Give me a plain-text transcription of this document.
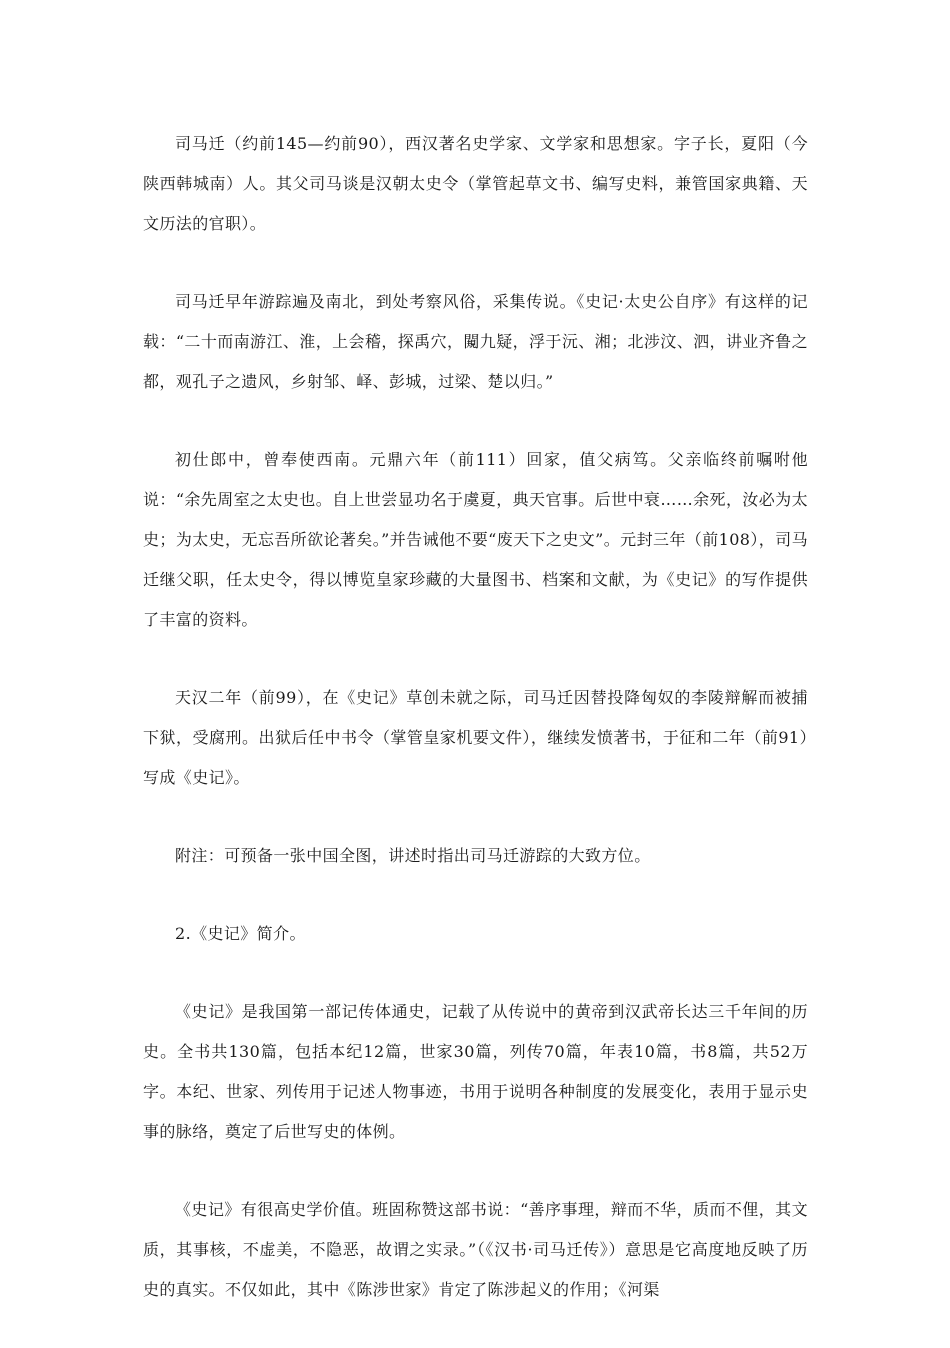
司马迁（约前145—约前90），西汉著名史学家、文学家和思想家。字子长，夏阳（今陕西韩城南）人。其父司马谈是汉朝太史令（掌管起草文书、编写史料，兼管国家典籍、天文历法的官职）。

司马迁早年游踪遍及南北，到处考察风俗，采集传说。《史记·太史公自序》有这样的记载：“二十而南游江、淮，上会稽，探禹穴，闚九疑，浮于沅、湘；北涉汶、泗，讲业齐鲁之都，观孔子之遗风，乡射邹、峄、彭城，过梁、楚以归。”

初仕郎中，曾奉使西南。元鼎六年（前111）回家，值父病笃。父亲临终前嘱咐他说：“余先周室之太史也。自上世尝显功名于虞夏，典天官事。后世中衰……余死，汝必为太史；为太史，无忘吾所欲论著矣。”并告诫他不要“废天下之史文”。元封三年（前108），司马迁继父职，任太史令，得以博览皇家珍藏的大量图书、档案和文献，为《史记》的写作提供了丰富的资料。

天汉二年（前99），在《史记》草创未就之际，司马迁因替投降匈奴的李陵辩解而被捕下狱，受腐刑。出狱后任中书令（掌管皇家机要文件），继续发愤著书，于征和二年（前91）写成《史记》。

附注：可预备一张中国全图，讲述时指出司马迁游踪的大致方位。

2.《史记》简介。

《史记》是我国第一部记传体通史，记载了从传说中的黄帝到汉武帝长达三千年间的历史。全书共130篇，包括本纪12篇，世家30篇，列传70篇，年表10篇，书8篇，共52万字。本纪、世家、列传用于记述人物事迹，书用于说明各种制度的发展变化，表用于显示史事的脉络，奠定了后世写史的体例。

《史记》有很高史学价值。班固称赞这部书说：“善序事理，辩而不华，质而不俚，其文质，其事核，不虚美，不隐恶，故谓之实录。”（《汉书·司马迁传》）意思是它高度地反映了历史的真实。不仅如此，其中《陈涉世家》肯定了陈涉起义的作用；《河渠
